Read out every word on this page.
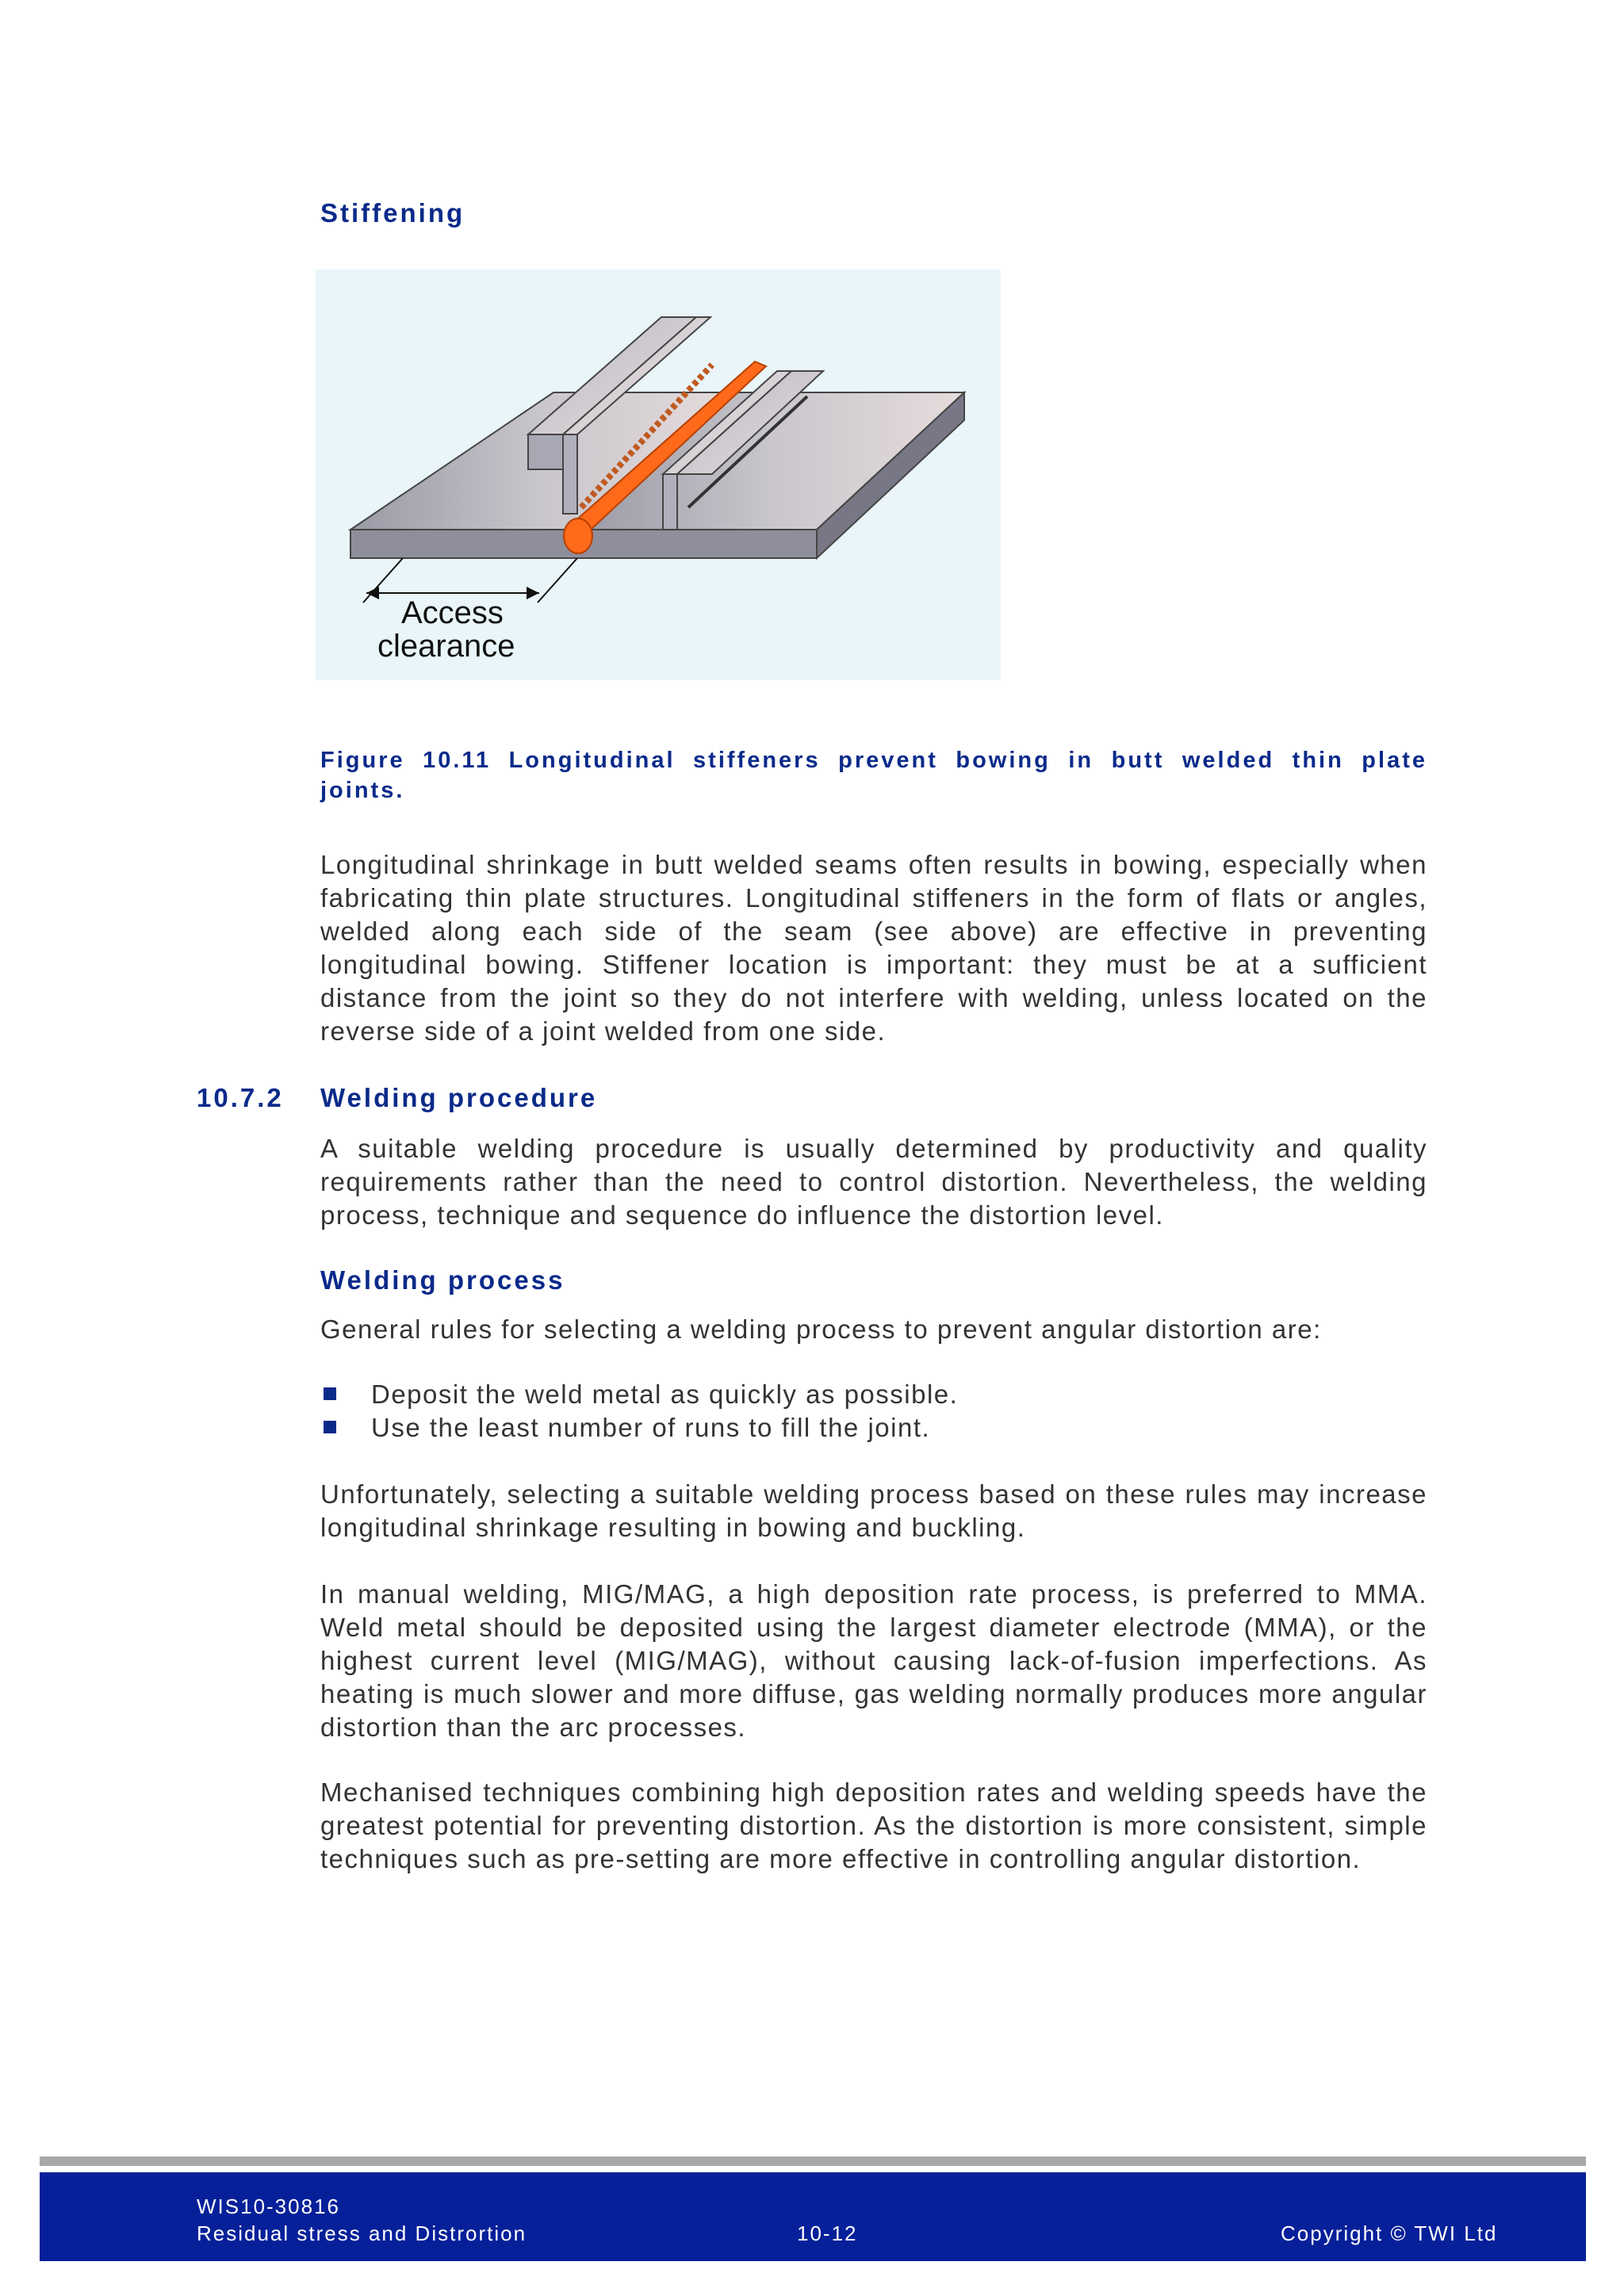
Stiffening
Access
clearance
Figure 10.11 Longitudinal stiffeners prevent bowing in butt welded thin plate joints.

Longitudinal shrinkage in butt welded seams often results in bowing, especially when fabricating thin plate structures. Longitudinal stiffeners in the form of flats or angles, welded along each side of the seam (see above) are effective in preventing longitudinal bowing. Stiffener location is important: they must be at a sufficient distance from the joint so they do not interfere with welding, unless located on the reverse side of a joint welded from one side.

10.7.2 Welding procedure

A suitable welding procedure is usually determined by productivity and quality requirements rather than the need to control distortion. Nevertheless, the welding process, technique and sequence do influence the distortion level.

Welding process

General rules for selecting a welding process to prevent angular distortion are:

Deposit the weld metal as quickly as possible.
Use the least number of runs to fill the joint.

Unfortunately, selecting a suitable welding process based on these rules may increase longitudinal shrinkage resulting in bowing and buckling.

In manual welding, MIG/MAG, a high deposition rate process, is preferred to MMA. Weld metal should be deposited using the largest diameter electrode (MMA), or the highest current level (MIG/MAG), without causing lack-of-fusion imperfections. As heating is much slower and more diffuse, gas welding normally produces more angular distortion than the arc processes.

Mechanised techniques combining high deposition rates and welding speeds have the greatest potential for preventing distortion. As the distortion is more consistent, simple techniques such as pre-setting are more effective in controlling angular distortion.

WIS10-30816
Residual stress and Distrortion	10-12	Copyright © TWI Ltd
